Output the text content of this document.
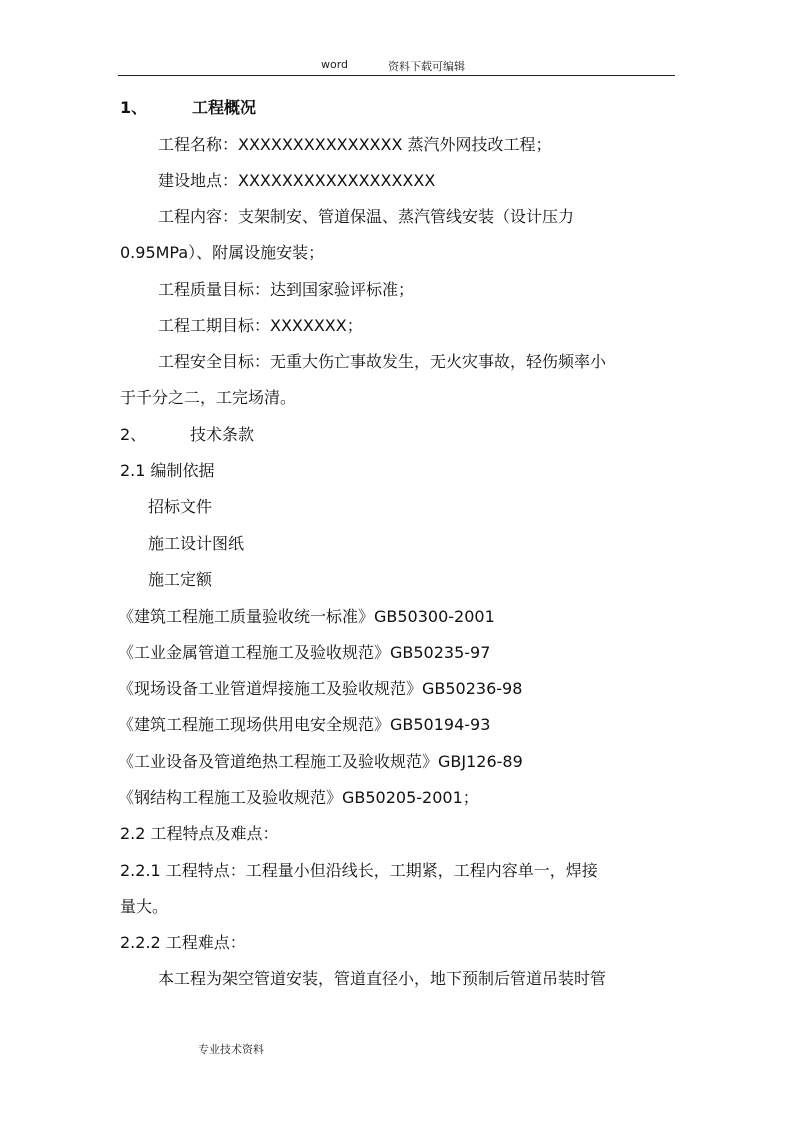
word	资料下载可编辑
1、	工程概况
工程名称：XXXXXXXXXXXXXXX 蒸汽外网技改工程；
建设地点：XXXXXXXXXXXXXXXXXX
工程内容：支架制安、管道保温、蒸汽管线安装（设计压力
0.95MPa）、附属设施安装；
工程质量目标：达到国家验评标准；
工程工期目标：XXXXXXX；
工程安全目标：无重大伤亡事故发生，无火灾事故，轻伤频率小
于千分之二，工完场清。
2、	技术条款
2.1 编制依据
招标文件
施工设计图纸
施工定额
《建筑工程施工质量验收统一标准》GB50300-2001
《工业金属管道工程施工及验收规范》GB50235-97
《现场设备工业管道焊接施工及验收规范》GB50236-98
《建筑工程施工现场供用电安全规范》GB50194-93
《工业设备及管道绝热工程施工及验收规范》GBJ126-89
《钢结构工程施工及验收规范》GB50205-2001；
2.2 工程特点及难点：
2.2.1 工程特点：工程量小但沿线长，工期紧，工程内容单一，焊接
量大。
2.2.2 工程难点：
本工程为架空管道安装，管道直径小，地下预制后管道吊装时管
专业技术资料
